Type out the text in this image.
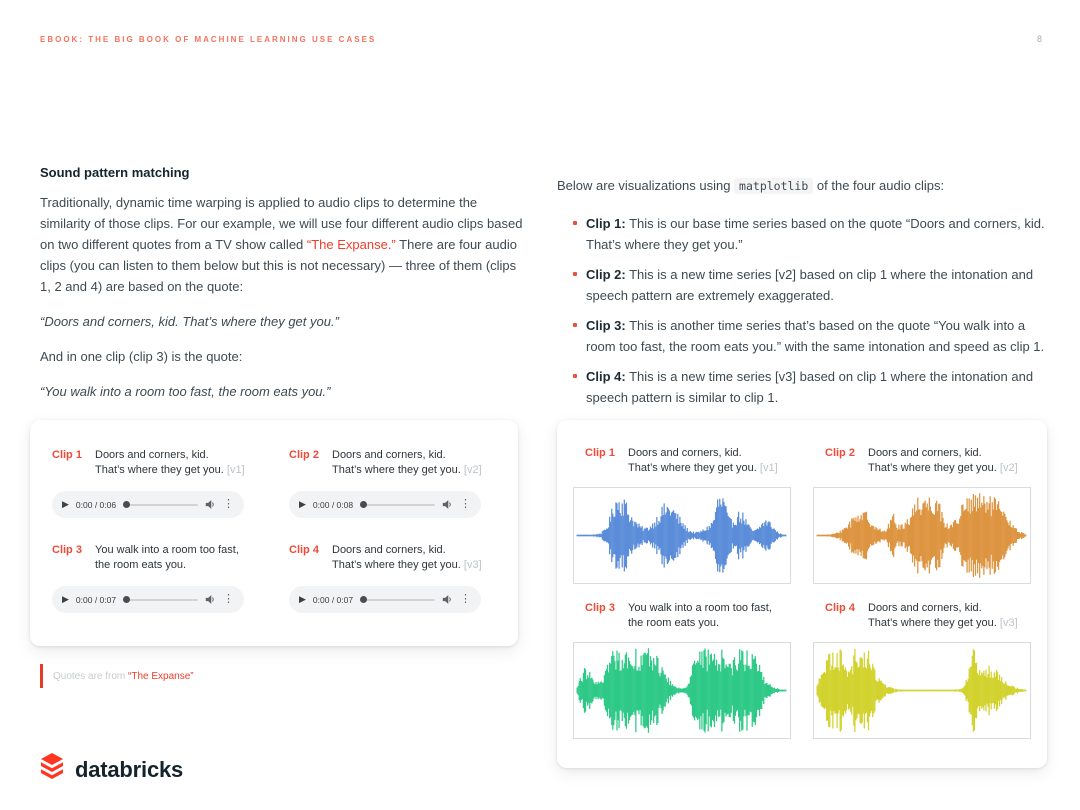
EBOOK: THE BIG BOOK OF MACHINE LEARNING USE CASES	8
Sound pattern matching

Traditionally, dynamic time warping is applied to audio clips to determine the similarity of those clips. For our example, we will use four different audio clips based on two different quotes from a TV show called “The Expanse.” There are four audio clips (you can listen to them below but this is not necessary) — three of them (clips 1, 2 and 4) are based on the quote:

“Doors and corners, kid. That’s where they get you.”

And in one clip (clip 3) is the quote:

“You walk into a room too fast, the room eats you.”

Below are visualizations using matplotlib of the four audio clips:

Clip 1: This is our base time series based on the quote “Doors and corners, kid. That’s where they get you.”
Clip 2: This is a new time series [v2] based on clip 1 where the intonation and speech pattern are extremely exaggerated.
Clip 3: This is another time series that’s based on the quote “You walk into a room too fast, the room eats you.” with the same intonation and speed as clip 1.
Clip 4: This is a new time series [v3] based on clip 1 where the intonation and speech pattern is similar to clip 1.
Clip 1 Doors and corners, kid.
That’s where they get you. [v1]
▶ 0:00 / 0:06	⋮
Clip 2 Doors and corners, kid.
That’s where they get you. [v2]
▶ 0:00 / 0:08	⋮
Clip 3 You walk into a room too fast,
the room eats you.
▶ 0:00 / 0:07	⋮
Clip 4 Doors and corners, kid.
That’s where they get you. [v3]
▶ 0:00 / 0:07	⋮
Quotes are from “The Expanse”
Clip 1 Doors and corners, kid.
That’s where they get you. [v1]
Clip 2 Doors and corners, kid.
That’s where they get you. [v2]
Clip 3 You walk into a room too fast,
the room eats you.
Clip 4 Doors and corners, kid.
That’s where they get you. [v3]
databricks
